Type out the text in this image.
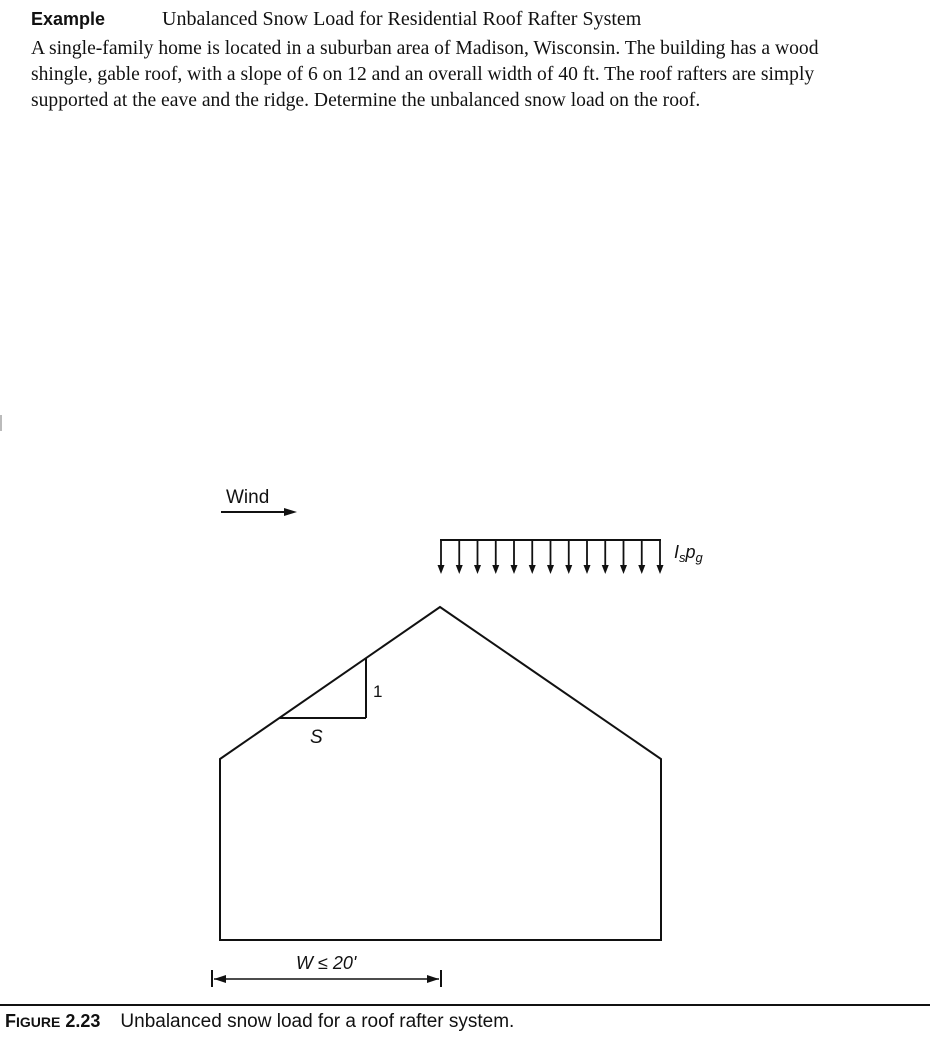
Example	Unbalanced Snow Load for Residential Roof Rafter System

A single-family home is located in a suburban area of Madison, Wisconsin. The building has a wood
shingle, gable roof, with a slope of 6 on 12 and an overall width of 40 ft. The roof rafters are simply
supported at the eave and the ridge. Determine the unbalanced snow load on the roof.

Wind
$I_sp_g$
1
S
W ≤ 20'
FIGURE 2.23 Unbalanced snow load for a roof rafter system.
